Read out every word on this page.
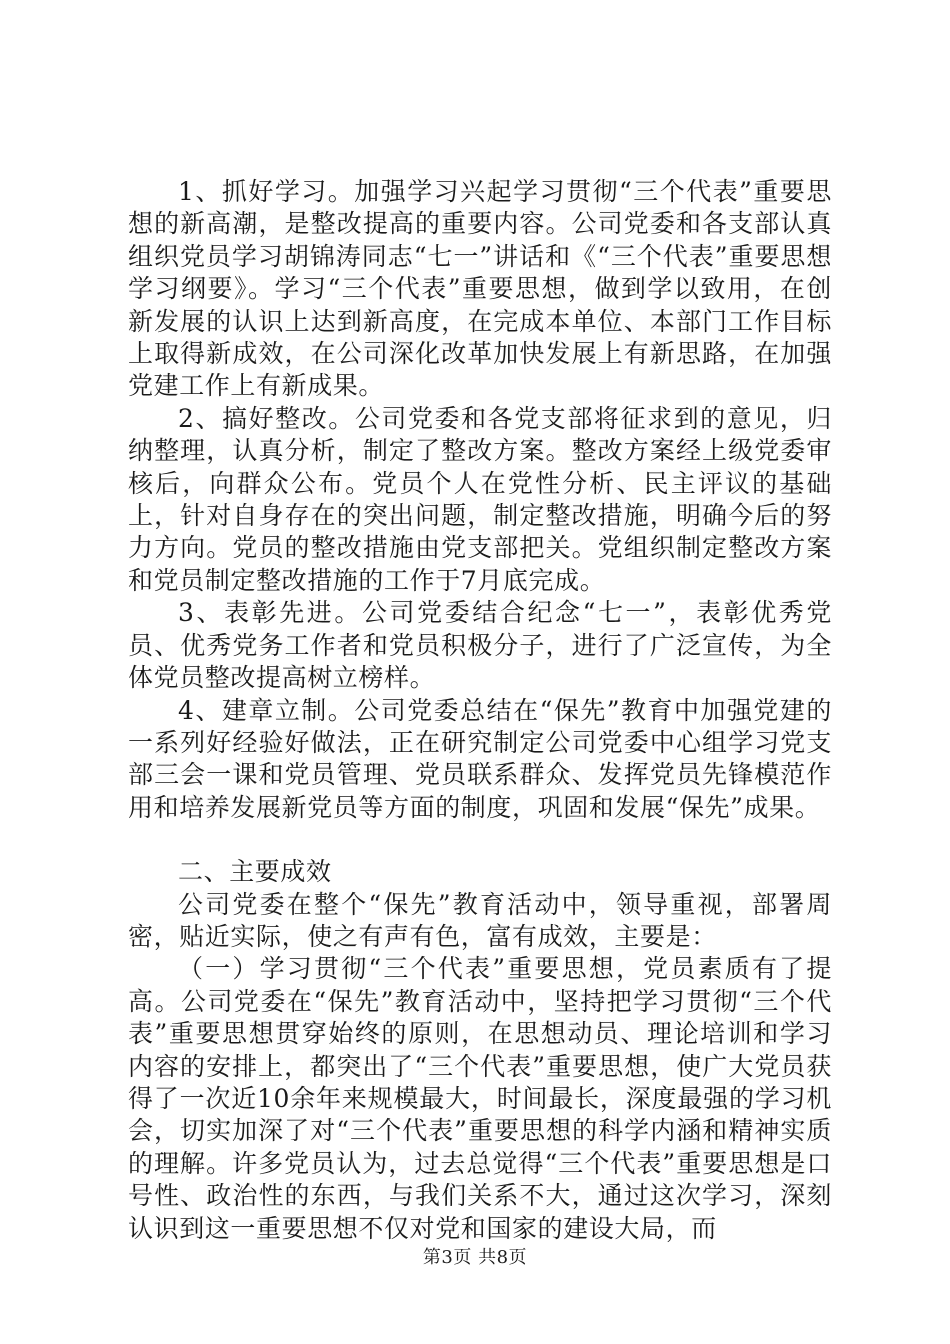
1、抓好学习。加强学习兴起学习贯彻“三个代表”重要思想的新高潮，是整改提高的重要内容。公司党委和各支部认真组织党员学习胡锦涛同志“七一”讲话和《“三个代表”重要思想学习纲要》。学习“三个代表”重要思想，做到学以致用，在创新发展的认识上达到新高度，在完成本单位、本部门工作目标上取得新成效，在公司深化改革加快发展上有新思路，在加强党建工作上有新成果。

2、搞好整改。公司党委和各党支部将征求到的意见，归纳整理，认真分析，制定了整改方案。整改方案经上级党委审核后，向群众公布。党员个人在党性分析、民主评议的基础上，针对自身存在的突出问题，制定整改措施，明确今后的努力方向。党员的整改措施由党支部把关。党组织制定整改方案和党员制定整改措施的工作于7月底完成。

3、表彰先进。公司党委结合纪念“七一”，表彰优秀党员、优秀党务工作者和党员积极分子，进行了广泛宣传，为全体党员整改提高树立榜样。

4、建章立制。公司党委总结在“保先”教育中加强党建的一系列好经验好做法，正在研究制定公司党委中心组学习党支部三会一课和党员管理、党员联系群众、发挥党员先锋模范作用和培养发展新党员等方面的制度，巩固和发展“保先”成果。

二、主要成效

公司党委在整个“保先”教育活动中，领导重视，部署周密，贴近实际，使之有声有色，富有成效，主要是：

（一）学习贯彻“三个代表”重要思想，党员素质有了提高。公司党委在“保先”教育活动中，坚持把学习贯彻“三个代表”重要思想贯穿始终的原则，在思想动员、理论培训和学习内容的安排上，都突出了“三个代表”重要思想，使广大党员获得了一次近10余年来规模最大，时间最长，深度最强的学习机会，切实加深了对“三个代表”重要思想的科学内涵和精神实质的理解。许多党员认为，过去总觉得“三个代表”重要思想是口号性、政治性的东西，与我们关系不大，通过这次学习，深刻认识到这一重要思想不仅对党和国家的建设大局，而

第3页 共8页
